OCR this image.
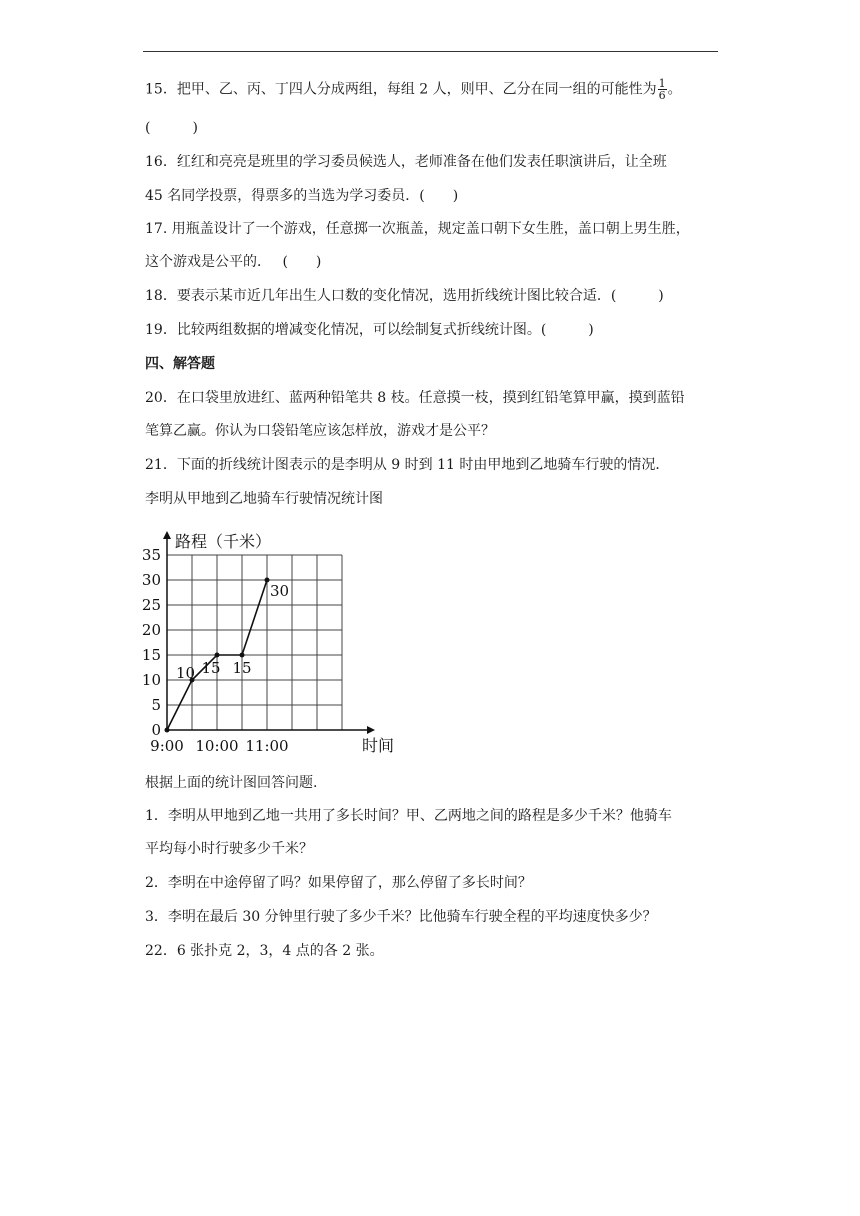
15．把甲、乙、丙、丁四人分成两组，每组 2 人，则甲、乙分在同一组的可能性为 $\frac{1}{6}$ 。
(　　　)
16．红红和亮亮是班里的学习委员候选人，老师准备在他们发表任职演讲后，让全班
45 名同学投票，得票多的当选为学习委员．(　　)
17. 用瓶盖设计了一个游戏，任意掷一次瓶盖，规定盖口朝下女生胜，盖口朝上男生胜，
这个游戏是公平的．　 (　　)
18．要表示某市近几年出生人口数的变化情况，选用折线统计图比较合适．(　　　)
19．比较两组数据的增减变化情况，可以绘制复式折线统计图。(　　　)
四、解答题
20．在口袋里放进红、蓝两种铅笔共 8 枝。任意摸一枝，摸到红铅笔算甲赢，摸到蓝铅
笔算乙赢。你认为口袋铅笔应该怎样放，游戏才是公平？
21．下面的折线统计图表示的是李明从 9 时到 11 时由甲地到乙地骑车行驶的情况．
李明从甲地到乙地骑车行驶情况统计图
路程（千米）
时间
0
5
10
15
20
25
30
35
9:00 10:00 11:00
10 15 15
30
根据上面的统计图回答问题.
1．李明从甲地到乙地一共用了多长时间？甲、乙两地之间的路程是多少千米？他骑车
平均每小时行驶多少千米？
2．李明在中途停留了吗？如果停留了，那么停留了多长时间？
3．李明在最后 30 分钟里行驶了多少千米？比他骑车行驶全程的平均速度快多少？
22．6 张扑克 2，3，4 点的各 2 张。
